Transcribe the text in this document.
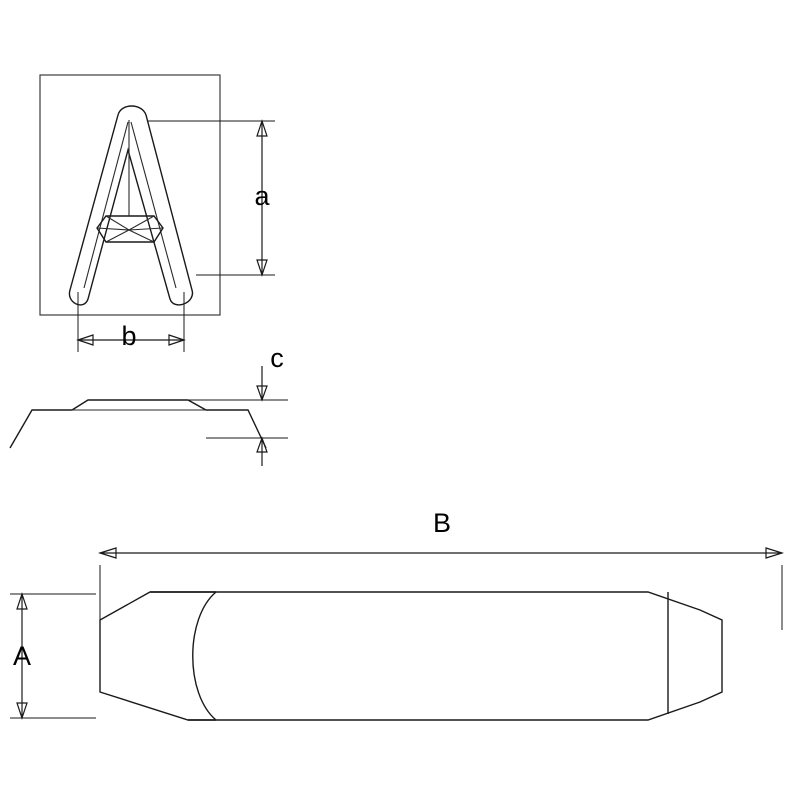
a
b
c
B
A
